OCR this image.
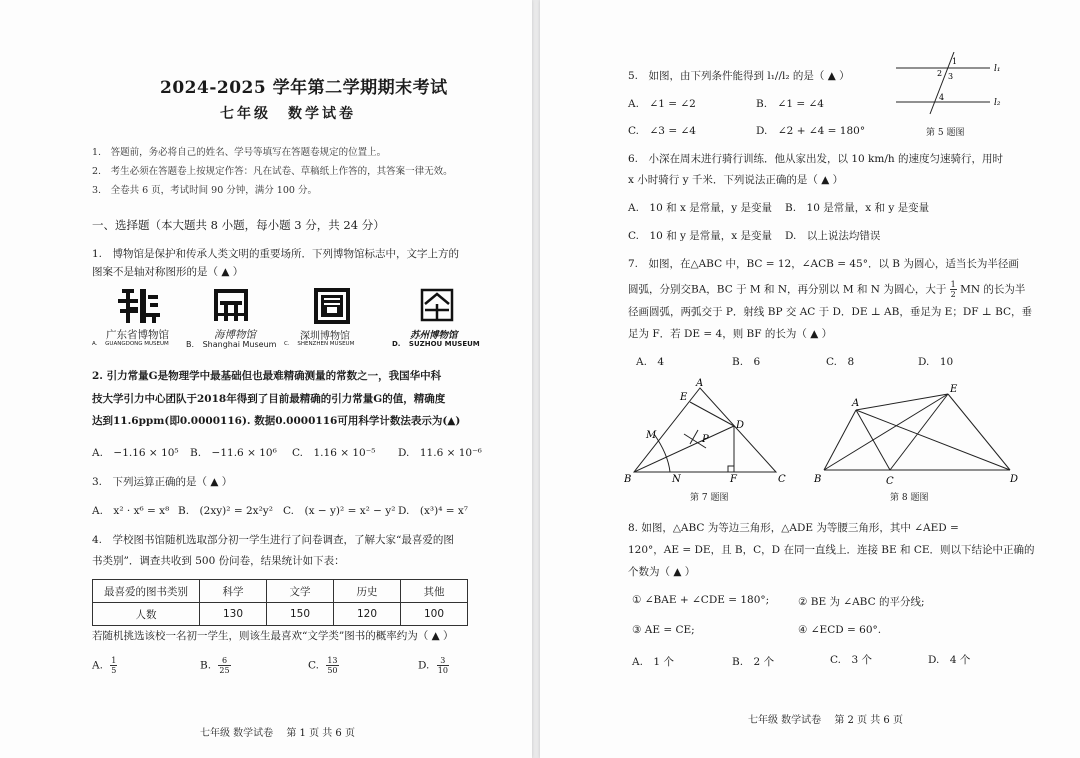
2024-2025 学年第二学期期末考试
七年级　数学试卷
1.　答题前，务必将自己的姓名、学号等填写在答题卷规定的位置上。
2.　考生必须在答题卷上按规定作答：凡在试卷、草稿纸上作答的，其答案一律无效。
3.　全卷共 6 页，考试时间 90 分钟，满分 100 分。
一、选择题（本大题共 8 小题，每小题 3 分，共 24 分）
1.　博物馆是保护和传承人类文明的重要场所．下列博物馆标志中，文字上方的
图案不是轴对称图形的是（ ▲ ）
广东省博物馆
A. GUANGDONG MUSEUM
海博物馆
B. Shanghai Museum
深圳博物馆
C. SHENZHEN MUSEUM
苏州博物馆
D. SUZHOU MUSEUM
2. 引力常量G是物理学中最基础但也最难精确测量的常数之一，我国华中科
技大学引力中心团队于2018年得到了目前最精确的引力常量G的值，精确度
达到11.6ppm(即0.0000116). 数据0.0000116可用科学计数法表示为(▲)
A.　−1.16 × 10⁵ B.　−11.6 × 10⁶ C.　1.16 × 10⁻⁵ D.　11.6 × 10⁻⁶
3.　下列运算正确的是（ ▲ ）
A.　x² · x⁶ = x⁸ B.　(2xy)² = 2x²y² C.　(x − y)² = x² − y² D.　(x³)⁴ = x⁷
4.　学校图书馆随机选取部分初一学生进行了问卷调查，了解大家“最喜爱的图
书类别”．调查共收到 500 份问卷，结果统计如下表：
最喜爱的图书类别	科学	文学	历史	其他
人数	130	150	120	100
若随机挑选该校一名初一学生，则该生最喜欢“文学类”图书的概率约为（ ▲ ）
A. $\frac{1}{5}$	B. $\frac{6}{25}$	C. $\frac{13}{50}$	D. $\frac{3}{10}$
七年级 数学试卷　 第 1 页 共 6 页
5.　如图，由下列条件能得到 l₁//l₂ 的是（ ▲ ）
A.　∠1 = ∠2	B.　∠1 = ∠4
C.　∠3 = ∠4	D.　∠2 + ∠4 = 180°
l₁
l₂
1
2 3
4
第 5 题图
6.　小深在周末进行骑行训练．他从家出发，以 10 km/h 的速度匀速骑行，用时
x 小时骑行 y 千米．下列说法正确的是（ ▲ ）
A.　10 和 x 是常量，y 是变量 B.　10 是常量，x 和 y 是变量
C.　10 和 y 是常量，x 是变量 D.　以上说法均错误
7.　如图，在△ABC 中，BC = 12，∠ACB = 45°．以 B 为圆心，适当长为半径画
圆弧，分别交BA，BC 于 M 和 N，再分别以 M 和 N 为圆心，大于 $\frac{1}{2}$ MN 的长为半
径画圆弧，两弧交于 P．射线 BP 交 AC 于 D．DE ⊥ AB，垂足为 E；DF ⊥ BC，垂
足为 F．若 DE = 4，则 BF 的长为（ ▲ ）
A.　4	B.　6	C.　8	D.　10
A
B	C
D
E
F
M
N
P
第 7 题图
A
B	C	D
E
第 8 题图
8. 如图，△ABC 为等边三角形，△ADE 为等腰三角形，其中 ∠AED =
120°，AE = DE，且 B，C，D 在同一直线上．连接 BE 和 CE．则以下结论中正确的
个数为（ ▲ ）
① ∠BAE + ∠CDE = 180°;	② BE 为 ∠ABC 的平分线;
③ AE = CE;	④ ∠ECD = 60°.
A.　1 个	B.　2 个	C.　3 个	D.　4 个
七年级 数学试卷　 第 2 页 共 6 页
